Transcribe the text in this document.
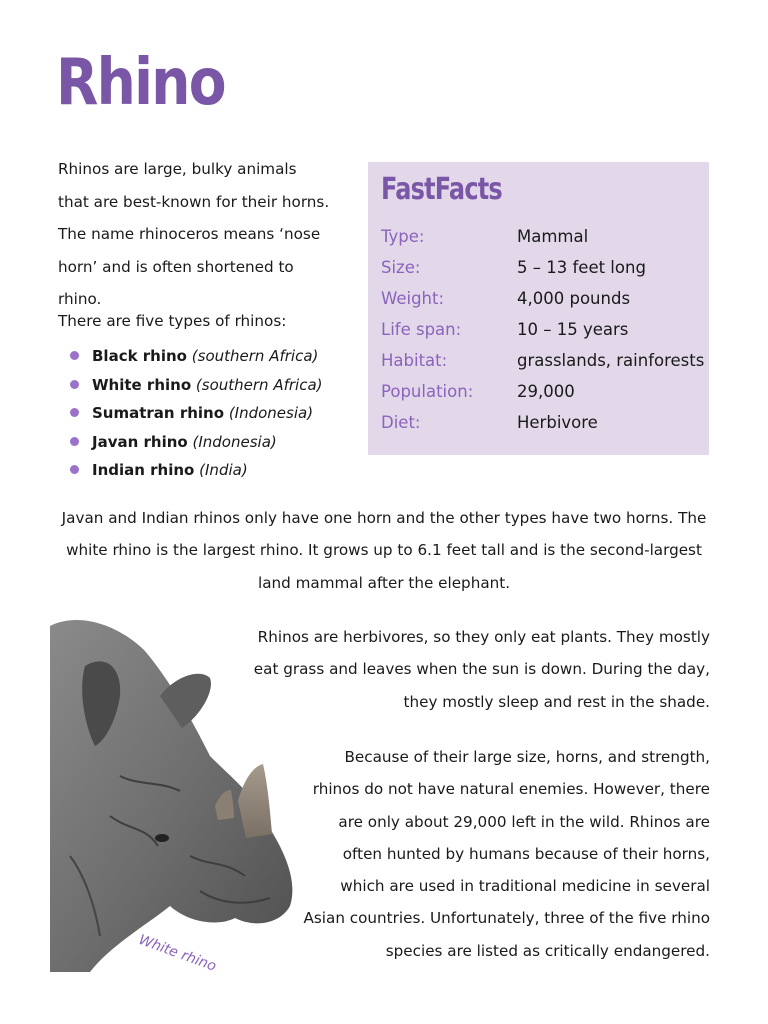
Rhino

Rhinos are large, bulky animals that are best-known for their horns. The name rhinoceros means ‘nose horn’ and is often shortened to rhino.

There are five types of rhinos:

Black rhino (southern Africa)
White rhino (southern Africa)
Sumatran rhino (Indonesia)
Javan rhino (Indonesia)
Indian rhino (India)
FastFacts
Type:	Mammal
Size:	5 – 13 feet long
Weight:	4,000 pounds
Life span:	10 – 15 years
Habitat:	grasslands, rainforests
Population:	29,000
Diet:	Herbivore

Javan and Indian rhinos only have one horn and the other types have two horns. The white rhino is the largest rhino. It grows up to 6.1 feet tall and is the second-largest land mammal after the elephant.

White rhino

Rhinos are herbivores, so they only eat plants. They mostly eat grass and leaves when the sun is down. During the day, they mostly sleep and rest in the shade.

Because of their large size, horns, and strength, rhinos do not have natural enemies. However, there are only about 29,000 left in the wild. Rhinos are often hunted by humans because of their horns, which are used in traditional medicine in several Asian countries. Unfortunately, three of the five rhino species are listed as critically endangered.
